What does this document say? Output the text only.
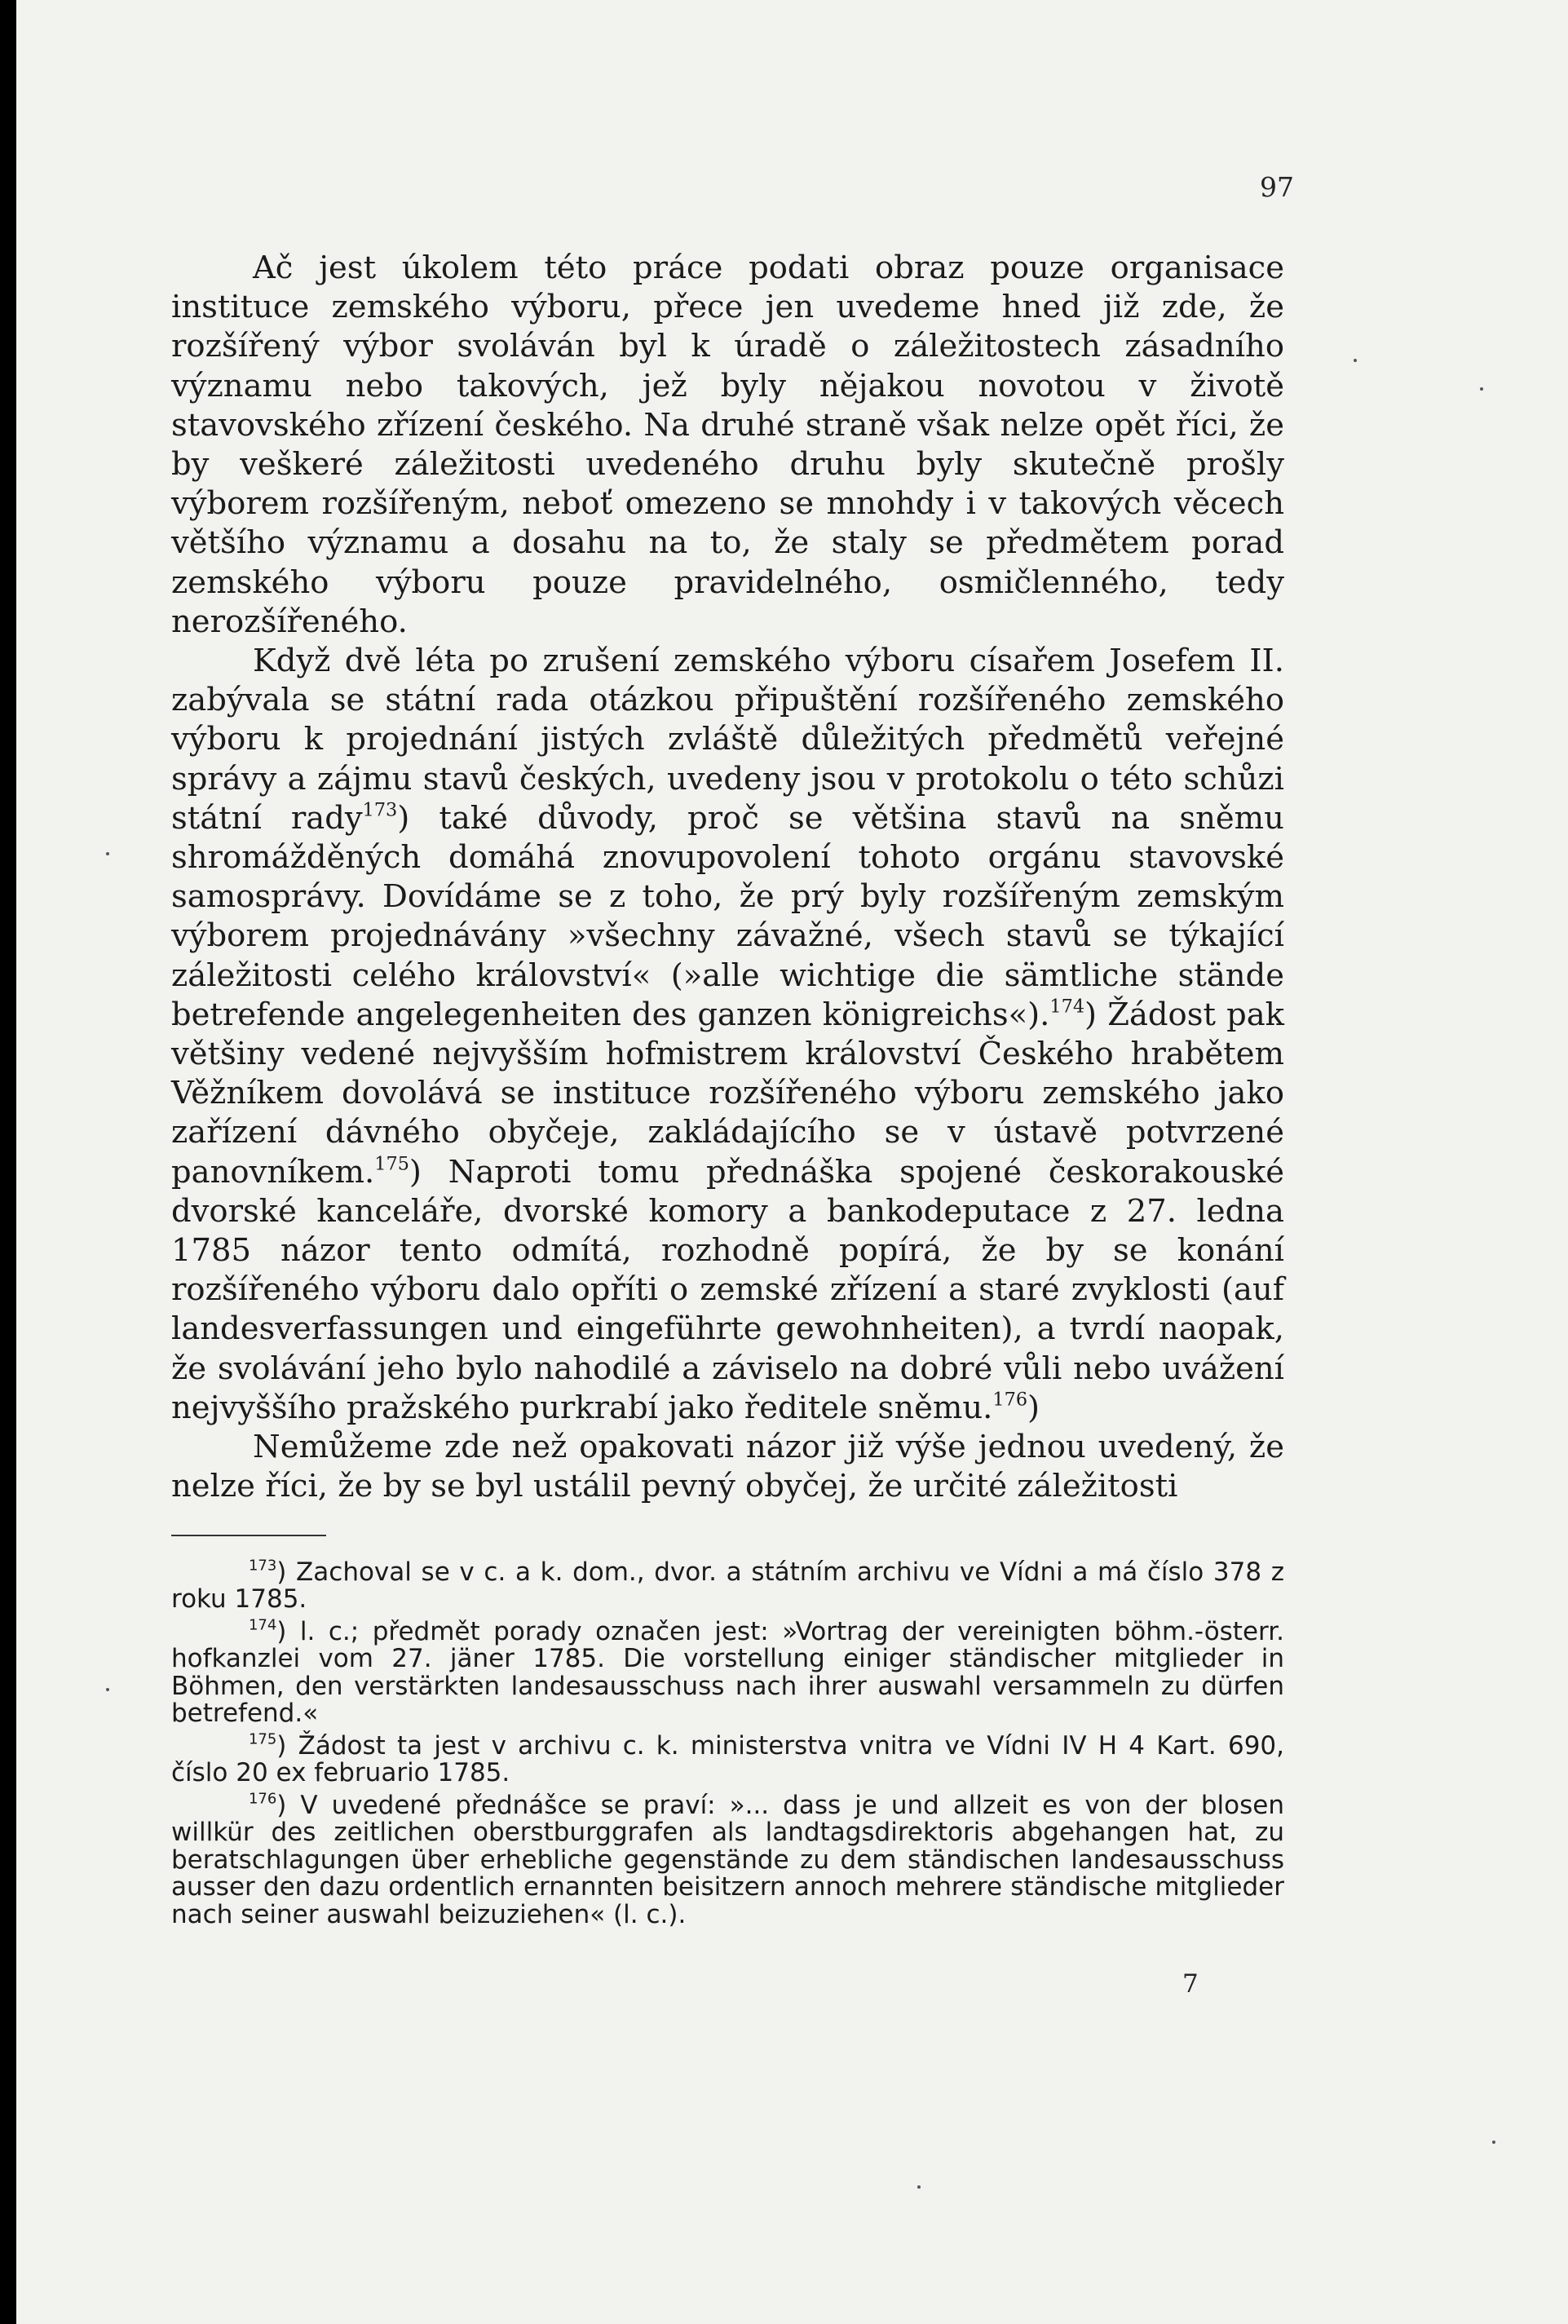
97

Ač jest úkolem této práce podati obraz pouze organisace instituce zemského výboru, přece jen uvedeme hned již zde, že rozšířený výbor svoláván byl k úradě o záležitostech zásadního významu nebo takových, jež byly nějakou novotou v životě stavovského zřízení českého. Na druhé straně však nelze opět říci, že by veškeré záležitosti uvedeného druhu byly skutečně prošly výborem rozšířeným, neboť omezeno se mnohdy i v takových věcech většího významu a dosahu na to, že staly se předmětem porad zemského výboru pouze pravidelného, osmičlenného, tedy nerozšířeného.

Když dvě léta po zrušení zemského výboru císařem Josefem II. zabývala se státní rada otázkou připuštění rozšířeného zemského výboru k projednání jistých zvláště důležitých předmětů veřejné správy a zájmu stavů českých, uvedeny jsou v protokolu o této schůzi státní rady$^{173}$) také důvody, proč se většina stavů na sněmu shromážděných domáhá znovupovolení tohoto orgánu stavovské samosprávy. Dovídáme se z toho, že prý byly rozšířeným zemským výborem projednávány »všechny závažné, všech stavů se týkající záležitosti celého království« (»alle wichtige die sämtliche stände betrefende angelegenheiten des ganzen königreichs«).$^{174}$) Žádost pak většiny vedené nejvyšším hofmistrem království Českého hrabětem Věžníkem dovolává se instituce rozšířeného výboru zemského jako zařízení dávného obyčeje, zakládajícího se v ústavě potvrzené panovníkem.$^{175}$) Naproti tomu přednáška spojené českorakouské dvorské kanceláře, dvorské komory a bankodeputace z 27. ledna 1785 názor tento odmítá, rozhodně popírá, že by se konání rozšířeného výboru dalo opříti o zemské zřízení a staré zvyklosti (auf landesverfassungen und eingeführte gewohnheiten), a tvrdí naopak, že svolávání jeho bylo nahodilé a záviselo na dobré vůli nebo uvážení nejvyššího pražského purkrabí jako ředitele sněmu.$^{176}$)

Nemůžeme zde než opakovati názor již výše jednou uvedený, že nelze říci, že by se byl ustálil pevný obyčej, že určité záležitosti

$^{173}$) Zachoval se v c. a k. dom., dvor. a státním archivu ve Vídni a má číslo 378 z roku 1785.

$^{174}$) l. c.; předmět porady označen jest: »Vortrag der vereinigten böhm.-österr. hofkanzlei vom 27. jäner 1785. Die vorstellung einiger ständischer mitglieder in Böhmen, den verstärkten landesausschuss nach ihrer auswahl versammeln zu dürfen betrefend.«

$^{175}$) Žádost ta jest v archivu c. k. ministerstva vnitra ve Vídni IV H 4 Kart. 690, číslo 20 ex februario 1785.

$^{176}$) V uvedené přednášce se praví: »... dass je und allzeit es von der blosen willkür des zeitlichen oberstburggrafen als landtagsdirektoris abgehangen hat, zu beratschlagungen über erhebliche gegenstände zu dem ständischen landesausschuss ausser den dazu ordentlich ernannten beisitzern annoch mehrere ständische mitglieder nach seiner auswahl beizuziehen« (l. c.).

7
